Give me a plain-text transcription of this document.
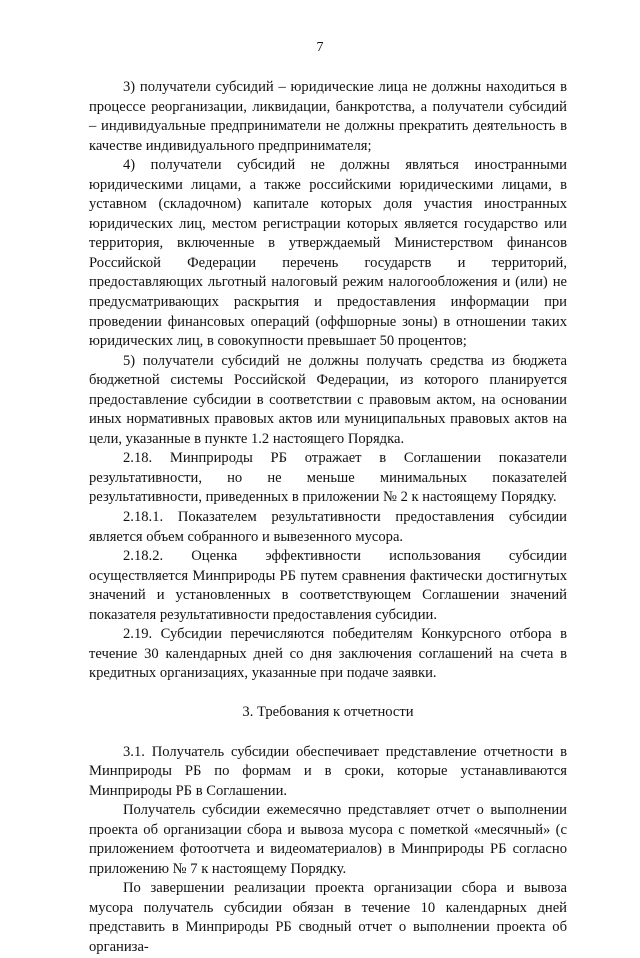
7

3) получатели субсидий – юридические лица не должны находиться в процессе реорганизации, ликвидации, банкротства, а получатели субсидий – индивидуальные предприниматели не должны прекратить деятельность в качестве индивидуального предпринимателя;

4) получатели субсидий не должны являться иностранными юридическими лицами, а также российскими юридическими лицами, в уставном (складочном) капитале которых доля участия иностранных юридических лиц, местом регистрации которых является государство или территория, включенные в утверждаемый Министерством финансов Российской Федерации перечень государств и территорий, предоставляющих льготный налоговый режим налогообложения и (или) не предусматривающих раскрытия и предоставления информации при проведении финансовых операций (оффшорные зоны) в отношении таких юридических лиц, в совокупности превышает 50 процентов;

5) получатели субсидий не должны получать средства из бюджета бюджетной системы Российской Федерации, из которого планируется предоставление субсидии в соответствии с правовым актом, на основании иных нормативных правовых актов или муниципальных правовых актов на цели, указанные в пункте 1.2 настоящего Порядка.

2.18. Минприроды РБ отражает в Соглашении показатели результативности, но не меньше минимальных показателей результативности, приведенных в приложении № 2 к настоящему Порядку.

2.18.1. Показателем результативности предоставления субсидии является объем собранного и вывезенного мусора.

2.18.2. Оценка эффективности использования субсидии осуществляется Минприроды РБ путем сравнения фактически достигнутых значений и установленных в соответствующем Соглашении значений показателя результативности предоставления субсидии.

2.19. Субсидии перечисляются победителям Конкурсного отбора в течение 30 календарных дней со дня заключения соглашений на счета в кредитных организациях, указанные при подаче заявки.

3. Требования к отчетности

3.1. Получатель субсидии обеспечивает представление отчетности в Минприроды РБ по формам и в сроки, которые устанавливаются Минприроды РБ в Соглашении.

Получатель субсидии ежемесячно представляет отчет о выполнении проекта об организации сбора и вывоза мусора с пометкой «месячный» (с приложением фотоотчета и видеоматериалов) в Минприроды РБ согласно приложению № 7 к настоящему Порядку.

По завершении реализации проекта организации сбора и вывоза мусора получатель субсидии обязан в течение 10 календарных дней представить в Минприроды РБ сводный отчет о выполнении проекта об организа-
